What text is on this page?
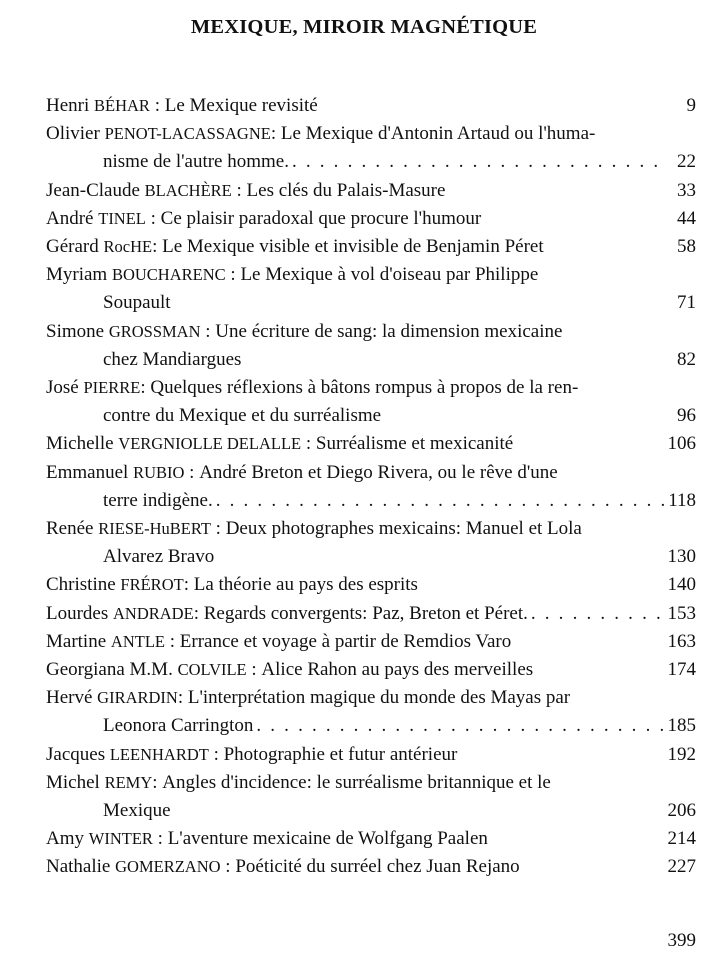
MEXIQUE, MIROIR MAGNÉTIQUE
Henri BÉHAR : Le Mexique revisité	9
Olivier PENOT-LACASSAGNE: Le Mexique d'Antonin Artaud ou l'huma-
nisme de l'autre homme. . . .	22
Jean-Claude BLACHÈRE : Les clés du Palais-Masure	33
André TINEL : Ce plaisir paradoxal que procure l'humour	44
Gérard RocHE: Le Mexique visible et invisible de Benjamin Péret	58
Myriam BOUCHARENC : Le Mexique à vol d'oiseau par Philippe
Soupault	71
Simone GROSSMAN : Une écriture de sang: la dimension mexicaine
chez Mandiargues	82
José PIERRE: Quelques réflexions à bâtons rompus à propos de la ren-
contre du Mexique et du surréalisme	96
Michelle VERGNIOLLE DELALLE : Surréalisme et mexicanité	106
Emmanuel RUBIO : André Breton et Diego Rivera, ou le rêve d'une
terre indigène. . . .	118
Renée RIESE-HuBERT : Deux photographes mexicains: Manuel et Lola
Alvarez Bravo	130
Christine FRÉROT: La théorie au pays des esprits	140
Lourdes ANDRADE: Regards convergents: Paz, Breton et Péret. . . .	153
Martine ANTLE : Errance et voyage à partir de Remdios Varo	163
Georgiana M.M. COLVILE : Alice Rahon au pays des merveilles	174
Hervé GIRARDIN: L'interprétation magique du monde des Mayas par
Leonora Carrington . . .	185
Jacques LEENHARDT : Photographie et futur antérieur	192
Michel REMY: Angles d'incidence: le surréalisme britannique et le
Mexique	206
Amy WINTER : L'aventure mexicaine de Wolfgang Paalen	214
Nathalie GOMERZANO : Poéticité du surréel chez Juan Rejano	227
399
